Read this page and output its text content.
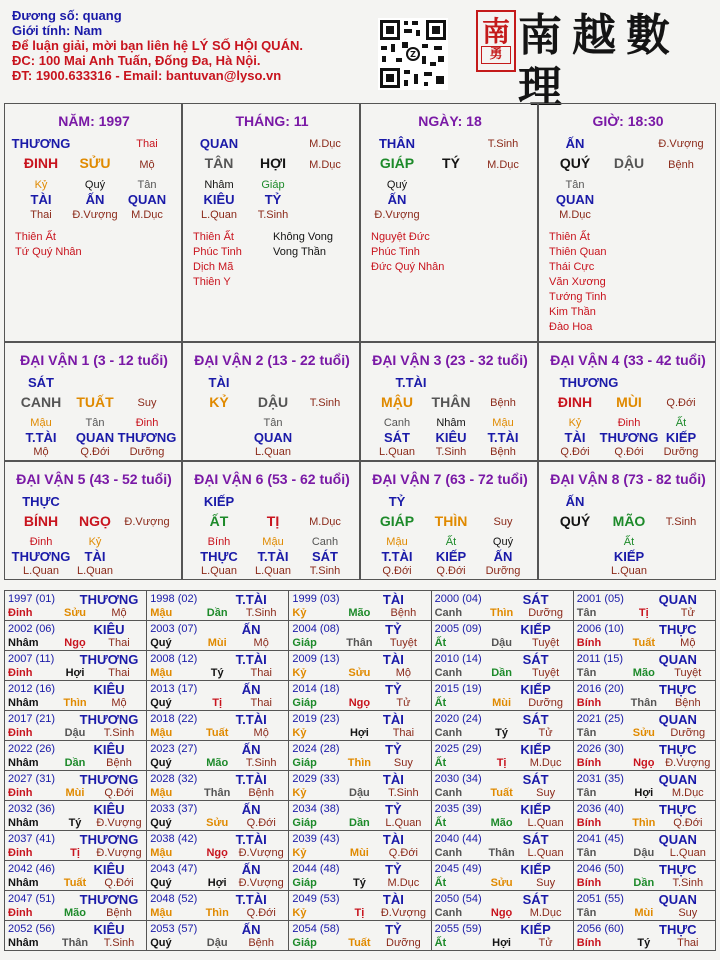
Đương số: quang
Giới tính: Nam
Để luận giải, mời bạn liên hệ LÝ SỐ HỘI QUÁN.
ĐC: 100 Mai Anh Tuấn, Đống Đa, Hà Nội.
ĐT: 1900.633316 - Email: bantuvan@lyso.vn
Z
南
勇 南越數理
NĂM: 1997
THƯƠNG	Thai
ĐINH	SỬU	Mộ
Kỷ	Quý	Tân
TÀI	ẤN	QUAN
Thai	Đ.Vượng	M.Dục
Thiên Ất
Tứ Quý Nhân
THÁNG: 11
QUAN	M.Dục
TÂN	HỢI	M.Dục
Nhâm	Giáp
KIÊU	TỶ
L.Quan	T.Sinh
Thiên Ất	Không Vong
Phúc Tinh	Vong Thần
Dịch Mã
Thiên Y
NGÀY: 18
THÂN	T.Sinh
GIÁP	TÝ	M.Dục
Quý
ẤN
Đ.Vượng
Nguyệt Đức
Phúc Tinh
Đức Quý Nhân
GIỜ: 18:30
ẤN	Đ.Vượng
QUÝ	DẬU	Bệnh
Tân
QUAN
M.Dục
Thiên Ất
Thiên Quan
Thái Cực
Văn Xương
Tướng Tinh
Kim Thần
Đào Hoa
ĐẠI VẬN 1 (3 - 12 tuổi)
SÁT
CANH	TUẤT	Suy
Mậu	Tân	Đinh
T.TÀI	QUAN THƯƠNG
Mộ	Q.Đới	Dưỡng
ĐẠI VẬN 2 (13 - 22 tuổi)
TÀI
KỶ	DẬU	T.Sinh
Tân
QUAN
L.Quan
ĐẠI VẬN 3 (23 - 32 tuổi)
T.TÀI
MẬU	THÂN	Bệnh
Canh	Nhâm	Mậu
SÁT	KIÊU	T.TÀI
L.Quan	T.Sinh	Bệnh
ĐẠI VẬN 4 (33 - 42 tuổi)
THƯƠNG
ĐINH	MÙI	Q.Đới
Kỷ	Đinh	Ất
TÀI	THƯƠNG KIẾP
Q.Đới	Q.Đới	Dưỡng
ĐẠI VẬN 5 (43 - 52 tuổi)
THỰC
BÍNH	NGỌ	Đ.Vượng
Đinh	Kỷ
THƯƠNG	TÀI
L.Quan	L.Quan
ĐẠI VẬN 6 (53 - 62 tuổi)
KIẾP
ẤT	TỊ	M.Dục
Bính	Mậu	Canh
THỰC	T.TÀI	SÁT
L.Quan	L.Quan	T.Sinh
ĐẠI VẬN 7 (63 - 72 tuổi)
TỶ
GIÁP	THÌN	Suy
Mậu	Ất	Quý
T.TÀI	KIẾP	ẤN
Q.Đới	Q.Đới	Dưỡng
ĐẠI VẬN 8 (73 - 82 tuổi)
ẤN
QUÝ	MÃO	T.Sinh
Ất
KIẾP
L.Quan
1997 (01)	THƯƠNG
Đinh	Sửu	Mộ
1998 (02)	T.TÀI
Mậu	Dần	T.Sinh
1999 (03)	TÀI
Kỷ	Mão	Bệnh
2000 (04)	SÁT
Canh	Thìn	Dưỡng
2001 (05)	QUAN
Tân	Tị	Tử
2002 (06)	KIÊU
Nhâm	Ngọ	Thai
2003 (07)	ẤN
Quý	Mùi	Mộ
2004 (08)	TỶ
Giáp	Thân	Tuyệt
2005 (09)	KIẾP
Ất	Dậu	Tuyệt
2006 (10)	THỰC
Bính	Tuất	Mộ
2007 (11)	THƯƠNG
Đinh	Hợi	Thai
2008 (12)	T.TÀI
Mậu	Tý	Thai
2009 (13)	TÀI
Kỷ	Sửu	Mộ
2010 (14)	SÁT
Canh	Dần	Tuyệt
2011 (15)	QUAN
Tân	Mão	Tuyệt
2012 (16)	KIÊU
Nhâm	Thìn	Mộ
2013 (17)	ẤN
Quý	Tị	Thai
2014 (18)	TỶ
Giáp	Ngọ	Tử
2015 (19)	KIẾP
Ất	Mùi	Dưỡng
2016 (20)	THỰC
Bính	Thân	Bệnh
2017 (21)	THƯƠNG
Đinh	Dậu	T.Sinh
2018 (22)	T.TÀI
Mậu	Tuất	Mộ
2019 (23)	TÀI
Kỷ	Hợi	Thai
2020 (24)	SÁT
Canh	Tý	Tử
2021 (25)	QUAN
Tân	Sửu	Dưỡng
2022 (26)	KIÊU
Nhâm	Dần	Bệnh
2023 (27)	ẤN
Quý	Mão	T.Sinh
2024 (28)	TỶ
Giáp	Thìn	Suy
2025 (29)	KIẾP
Ất	Tị	M.Dục
2026 (30)	THỰC
Bính	Ngọ Đ.Vượng
2027 (31)	THƯƠNG
Đinh	Mùi	Q.Đới
2028 (32)	T.TÀI
Mậu	Thân	Bệnh
2029 (33)	TÀI
Kỷ	Dậu	T.Sinh
2030 (34)	SÁT
Canh	Tuất	Suy
2031 (35)	QUAN
Tân	Hợi	M.Dục
2032 (36)	KIÊU
Nhâm	Tý	Đ.Vượng
2033 (37)	ẤN
Quý	Sửu	Q.Đới
2034 (38)	TỶ
Giáp	Dần	L.Quan
2035 (39)	KIẾP
Ất	Mão	L.Quan
2036 (40)	THỰC
Bính	Thìn	Q.Đới
2037 (41)	THƯƠNG
Đinh	Tị	Đ.Vượng
2038 (42)	T.TÀI
Mậu	Ngọ Đ.Vượng
2039 (43)	TÀI
Kỷ	Mùi	Q.Đới
2040 (44)	SÁT
Canh	Thân	L.Quan
2041 (45)	QUAN
Tân	Dậu	L.Quan
2042 (46)	KIÊU
Nhâm	Tuất	Q.Đới
2043 (47)	ẤN
Quý	Hợi	Đ.Vượng
2044 (48)	TỶ
Giáp	Tý	M.Dục
2045 (49)	KIẾP
Ất	Sửu	Suy
2046 (50)	THỰC
Bính	Dần	T.Sinh
2047 (51)	THƯƠNG
Đinh	Mão	Bệnh
2048 (52)	T.TÀI
Mậu	Thìn	Q.Đới
2049 (53)	TÀI
Kỷ	Tị	Đ.Vượng
2050 (54)	SÁT
Canh	Ngọ	M.Dục
2051 (55)	QUAN
Tân	Mùi	Suy
2052 (56)	KIÊU
Nhâm	Thân	T.Sinh
2053 (57)	ẤN
Quý	Dậu	Bệnh
2054 (58)	TỶ
Giáp	Tuất	Dưỡng
2055 (59)	KIẾP
Ất	Hợi	Tử
2056 (60)	THỰC
Bính	Tý	Thai
